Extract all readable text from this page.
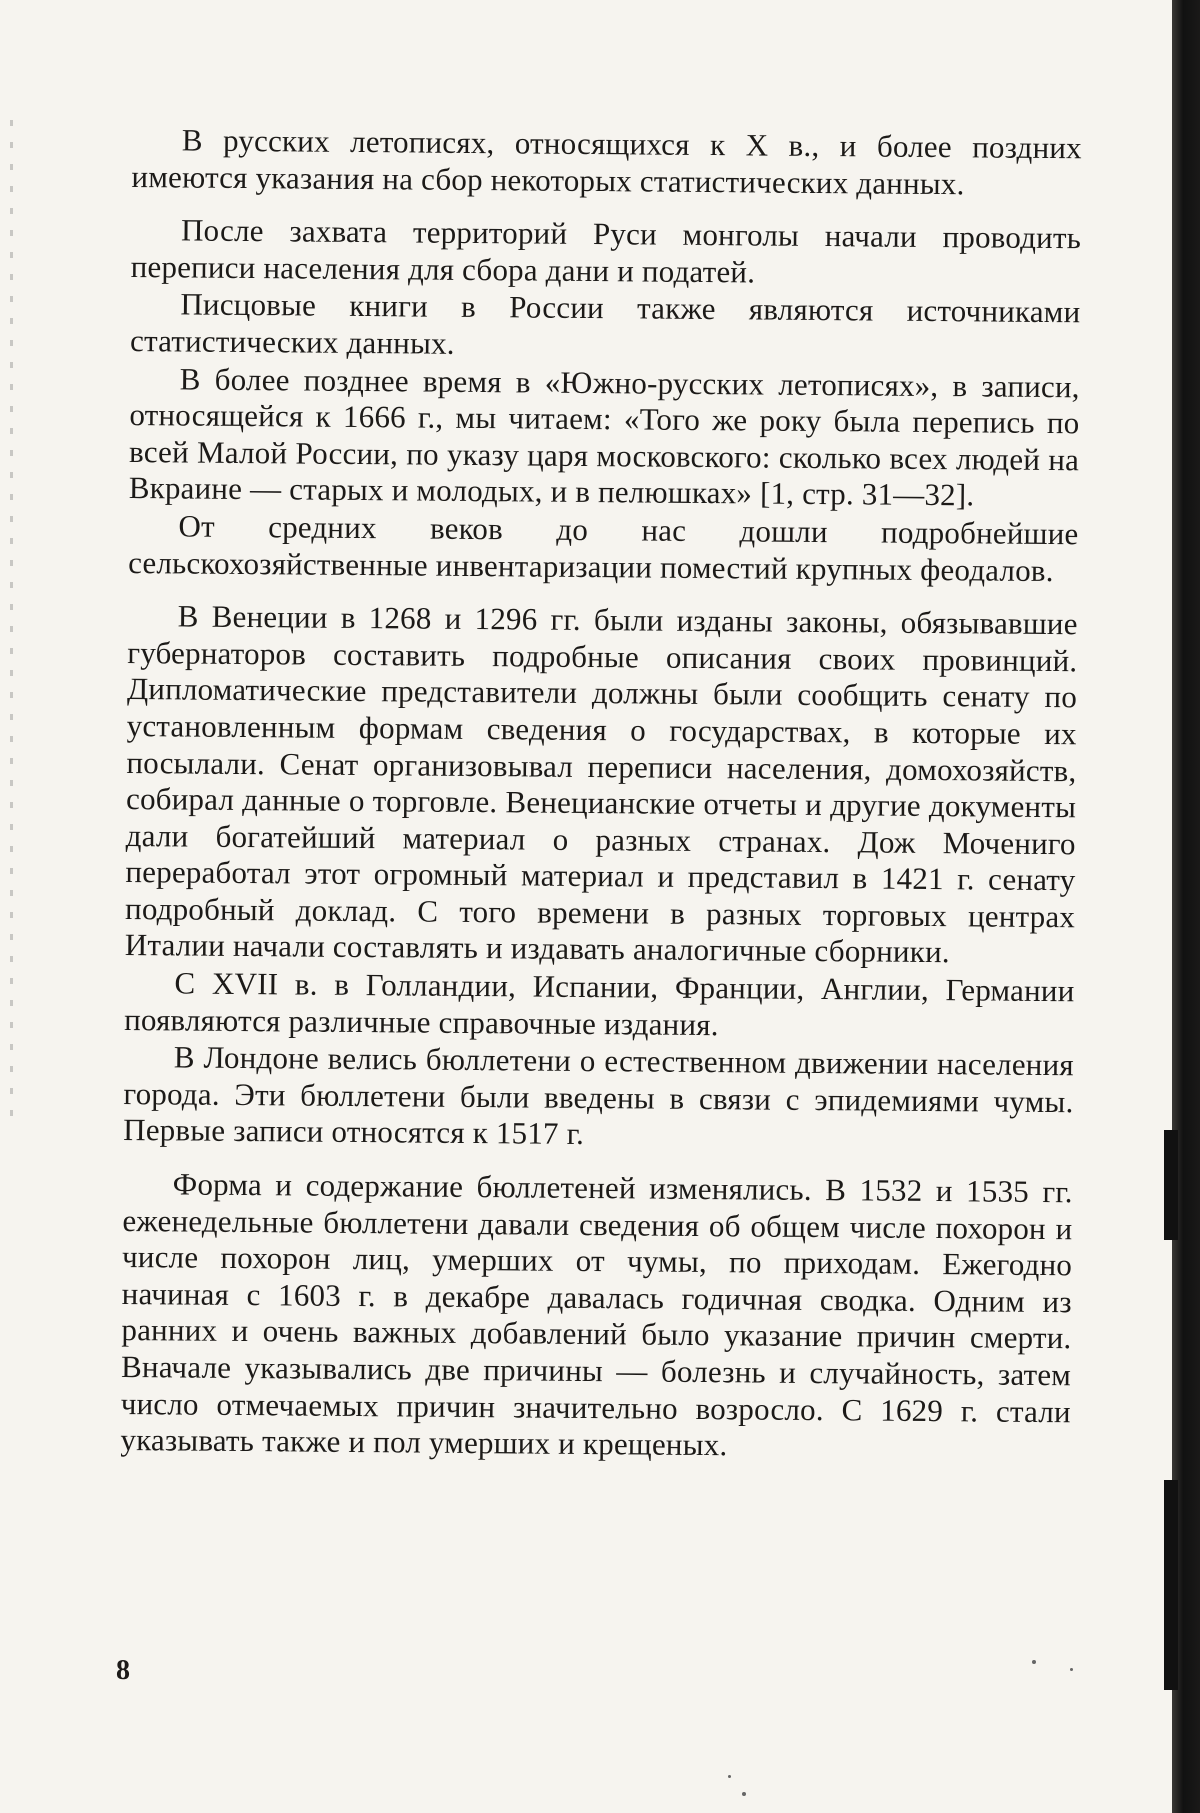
В русских летописях, относящихся к X в., и более поздних имеются указания на сбор некоторых статистических данных.

После захвата территорий Руси монголы начали проводить переписи населения для сбора дани и податей.

Писцовые книги в России также являются источниками статистических данных.

В более позднее время в «Южно-русских летописях», в записи, относящейся к 1666 г., мы читаем: «Того же року была перепись по всей Малой России, по указу царя московского: сколько всех людей на Вкраине — старых и молодых, и в пелюшках» [1, стр. 31—32].

От средних веков до нас дошли подробнейшие сельскохозяйственные инвентаризации поместий крупных феодалов.

В Венеции в 1268 и 1296 гг. были изданы законы, обязывавшие губернаторов составить подробные описания своих провинций. Дипломатические представители должны были сообщить сенату по установленным формам сведения о государствах, в которые их посылали. Сенат организовывал переписи населения, домохозяйств, собирал данные о торговле. Венецианские отчеты и другие документы дали богатейший материал о разных странах. Дож Мочениго переработал этот огромный материал и представил в 1421 г. сенату подробный доклад. С того времени в разных торговых центрах Италии начали составлять и издавать аналогичные сборники.

С XVII в. в Голландии, Испании, Франции, Англии, Германии появляются различные справочные издания.

В Лондоне велись бюллетени о естественном движении населения города. Эти бюллетени были введены в связи с эпидемиями чумы. Первые записи относятся к 1517 г.

Форма и содержание бюллетеней изменялись. В 1532 и 1535 гг. еженедельные бюллетени давали сведения об общем числе похорон и числе похорон лиц, умерших от чумы, по приходам. Ежегодно начиная с 1603 г. в декабре давалась годичная сводка. Одним из ранних и очень важных добавлений было указание причин смерти. Вначале указывались две причины — болезнь и случайность, затем число отмечаемых причин значительно возросло. С 1629 г. стали указывать также и пол умерших и крещеных.

8
